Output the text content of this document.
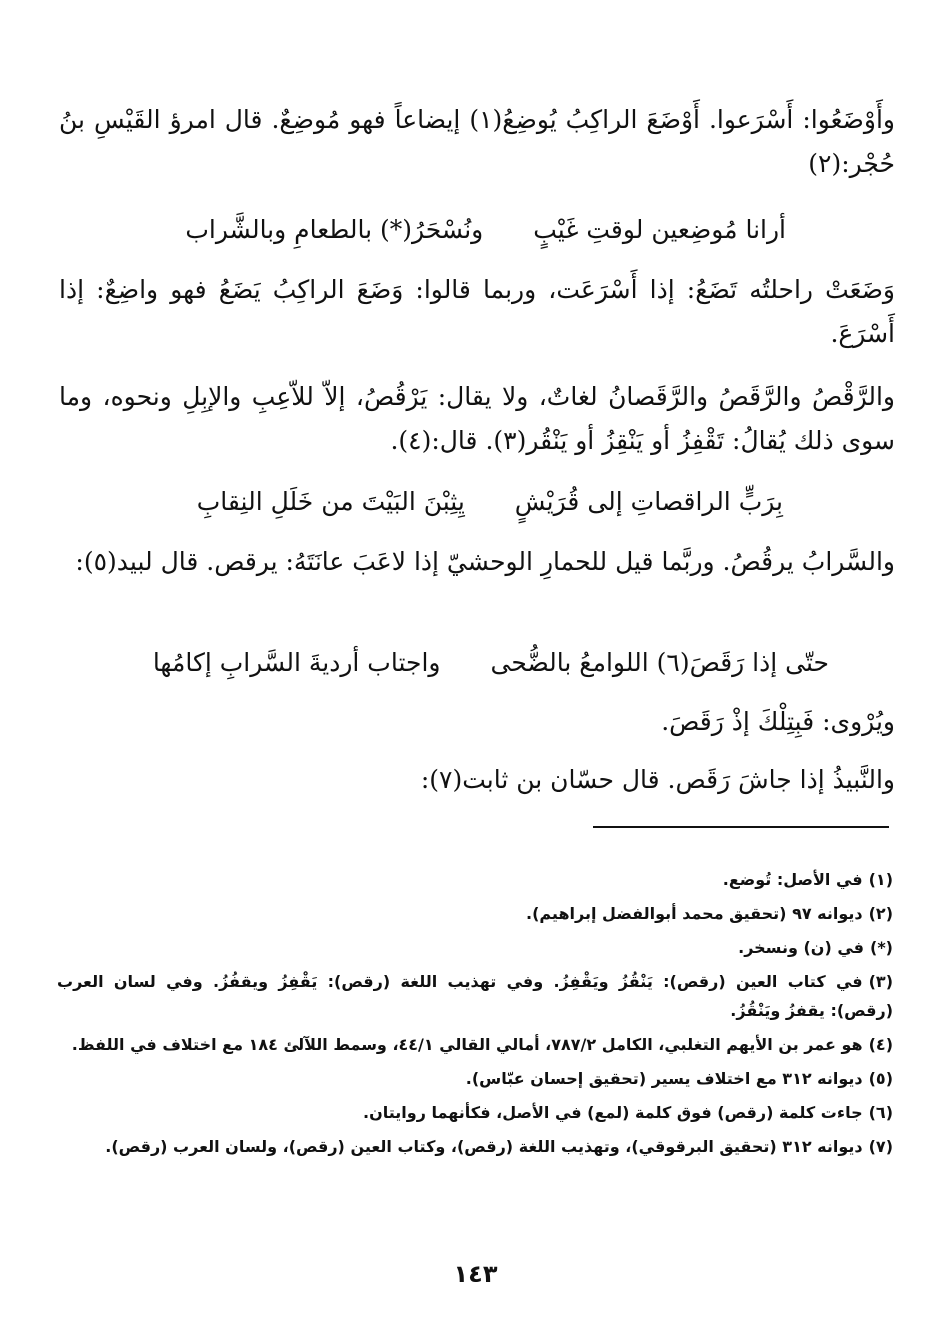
وأَوْضَعُوا: أَسْرَعوا. أَوْضَعَ الراكِبُ يُوضِعُ(١) إيضاعاً فهو مُوضِعٌ. قال امرؤ القَيْسِ بنُ حُجْر:(٢)

أرانا مُوضِعين لوقتِ غَيْبٍ
ونُسْحَرُ(*) بالطعامِ وبالشَّراب

وَضَعَتْ راحلتُه تَضَعُ: إذا أَسْرَعَت، وربما قالوا: وَضَعَ الراكِبُ يَضَعُ فهو واضِعٌ: إذا أَسْرَعَ.

والرَّقْصُ والرَّقَصُ والرَّقَصانُ لغاتٌ، ولا يقال: يَرْقُصُ، إلاّ للاّعِبِ والإبِلِ ونحوه، وما سوى ذلك يُقالُ: تَقْفِزُ أو يَنْقِزُ أو يَنْقُر(٣). قال:(٤).

بِرَبٍّ الراقصاتِ إلى قُرَيْشٍ
يِثِبْنَ البَيْتَ من خَلَلِ النِقابِ

والسَّرابُ يرقُصُ. وربَّما قيل للحمارِ الوحشيّ إذا لاعَبَ عانَتَهُ: يرقص. قال لبيد(٥):

حتّى إذا رَقَصَ(٦) اللوامعُ بالضُّحى
واجتاب أرديةَ السَّرابِ إكامُها

ويُرْوى: فَبِتِلْكَ إذْ رَقَصَ.

والنَّبيذُ إذا جاشَ رَقَص. قال حسّان بن ثابت(٧):

(١)في الأصل: تُوضع.

(٢)ديوانه ٩٧ (تحقيق محمد أبوالفضل إبراهيم).

(*)في (ن) ونسخر.

(٣)في كتاب العين (رقص): يَنْقُزُ ويَقْفِزُ. وفي تهذيب اللغة (رقص): يَقْفِزُ ويقفُزُ. وفي لسان العرب (رقص): يقفزُ ويَنْقُزُ.

(٤)هو عمر بن الأيهم التغلبي، الكامل ٧٨٧/٢، أمالي القالي ٤٤/١، وسمط اللآلئ ١٨٤ مع اختلاف في اللفظ.

(٥)ديوانه ٣١٢ مع اختلاف يسير (تحقيق إحسان عبّاس).

(٦)جاءت كلمة (رقص) فوق كلمة (لمع) في الأصل، فكأنهما روايتان.

(٧)ديوانه ٣١٢ (تحقيق البرقوقي)، وتهذيب اللغة (رقص)، وكتاب العين (رقص)، ولسان العرب (رقص).

١٤٣
